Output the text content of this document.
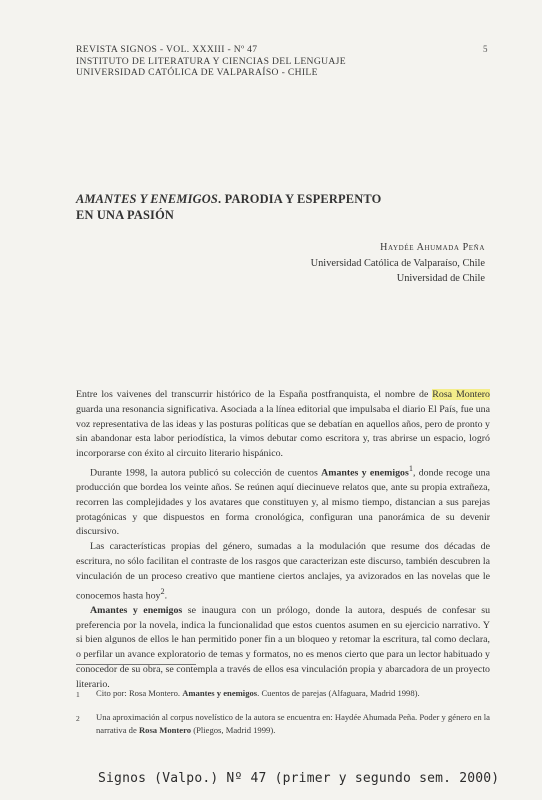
REVISTA SIGNOS - VOL. XXXIII - Nº 47
INSTITUTO DE LITERATURA Y CIENCIAS DEL LENGUAJE
UNIVERSIDAD CATÓLICA DE VALPARAÍSO - CHILE
5
AMANTES Y ENEMIGOS. PARODIA Y ESPERPENTO
EN UNA PASIÓN
Haydée Ahumada Peña
Universidad Católica de Valparaíso, Chile
Universidad de Chile

Entre los vaivenes del transcurrir histórico de la España postfranquista, el nombre de Rosa Montero guarda una resonancia significativa. Asociada a la línea editorial que impulsaba el diario El País, fue una voz representativa de las ideas y las posturas políticas que se debatían en aquellos años, pero de pronto y sin abandonar esta labor periodística, la vimos debutar como escritora y, tras abrirse un espacio, logró incorporarse con éxito al circuito literario hispánico.

Durante 1998, la autora publicó su colección de cuentos Amantes y enemigos$^1$, donde recoge una producción que bordea los veinte años. Se reúnen aquí diecinueve relatos que, ante su propia extrañeza, recorren las complejidades y los avatares que constituyen y, al mismo tiempo, distancian a sus parejas protagónicas y que dispuestos en forma cronológica, configuran una panorámica de su devenir discursivo.

Las características propias del género, sumadas a la modulación que resume dos décadas de escritura, no sólo facilitan el contraste de los rasgos que caracterizan este discurso, también descubren la vinculación de un proceso creativo que mantiene ciertos anclajes, ya avizorados en las novelas que le conocemos hasta hoy$^2$.

Amantes y enemigos se inaugura con un prólogo, donde la autora, después de confesar su preferencia por la novela, indica la funcionalidad que estos cuentos asumen en su ejercicio narrativo. Y si bien algunos de ellos le han permitido poner fin a un bloqueo y retomar la escritura, tal como declara, o perfilar un avance exploratorio de temas y formatos, no es menos cierto que para un lector habituado y conocedor de su obra, se contempla a través de ellos esa vinculación propia y abarcadora de un proyecto literario.

1	Cito por: Rosa Montero. Amantes y enemigos. Cuentos de parejas (Alfaguara, Madrid 1998).
2	Una aproximación al corpus novelístico de la autora se encuentra en: Haydée Ahumada Peña. Poder y género en la narrativa de Rosa Montero (Pliegos, Madrid 1999).
Signos (Valpo.) Nº 47 (primer y segundo sem. 2000)
